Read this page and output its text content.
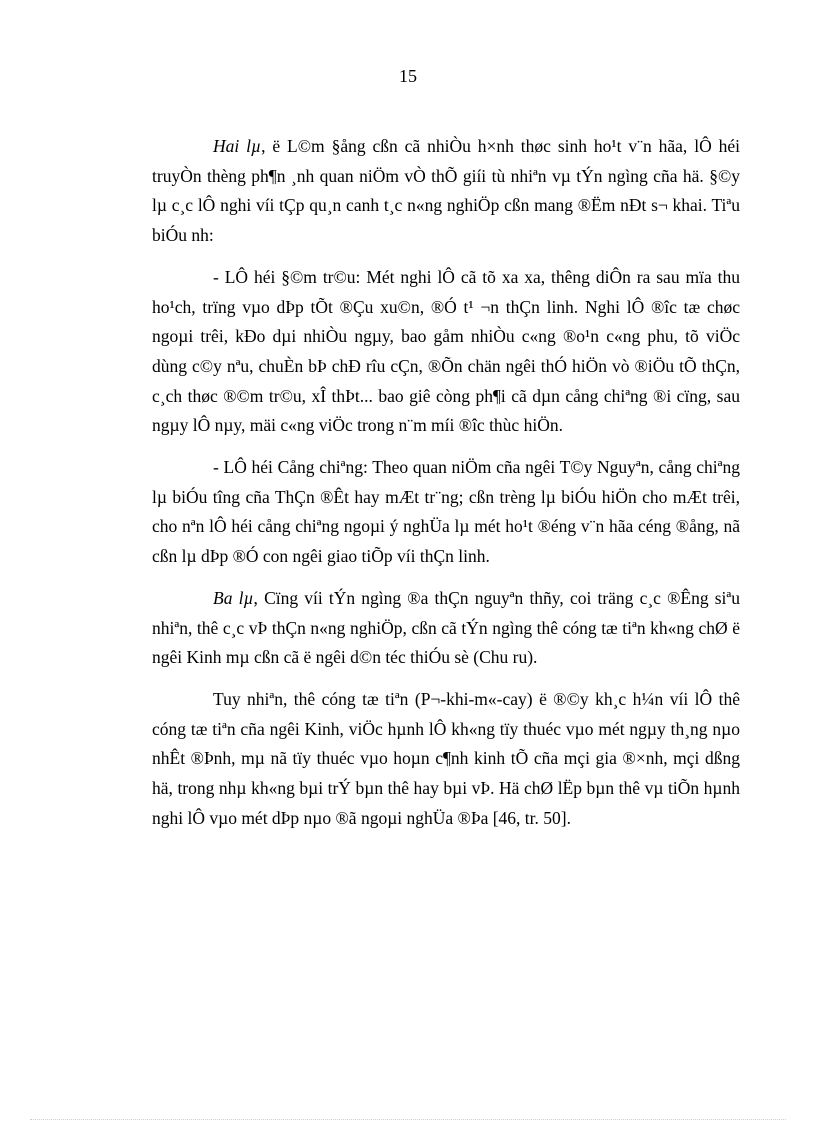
15

Hai lµ, ë L©m §ång cßn cã nhiÒu h×nh thøc sinh ho¹t v¨n hãa, lÔ héi truyÒn thèng ph¶n ¸nh quan niÖm vÒ thÕ giíi tù nhiªn vµ tÝn ngìng cña hä. §©y lµ c¸c lÔ nghi víi tÇp qu¸n canh t¸c n«ng nghiÖp cßn mang ®Ëm nÐt s¬ khai. Tiªu biÓu nh:

- LÔ héi §©m tr©u: Mét nghi lÔ cã tõ xa xa, thêng diÔn ra sau mïa thu ho¹ch, trïng vµo dÞp tÕt ®Çu xu©n, ®Ó t¹ ¬n thÇn linh. Nghi lÔ ®îc tæ chøc ngoµi trêi, kÐo dµi nhiÒu ngµy, bao gåm nhiÒu c«ng ®o¹n c«ng phu, tõ viÖc dùng c©y nªu, chuÈn bÞ chÐ rîu cÇn, ®Õn chän ngêi thÓ hiÖn vò ®iÖu tÕ thÇn, c¸ch thøc ®©m tr©u, xÎ thÞt... bao giê còng ph¶i cã dµn cång chiªng ®i cïng, sau ngµy lÔ nµy, mäi c«ng viÖc trong n¨m míi ®îc thùc hiÖn.

- LÔ héi Cång chiªng: Theo quan niÖm cña ngêi T©y Nguyªn, cång chiªng lµ biÓu tîng cña ThÇn ®Êt hay mÆt tr¨ng; cßn trèng lµ biÓu hiÖn cho mÆt trêi, cho nªn lÔ héi cång chiªng ngoµi ý nghÜa lµ mét ho¹t ®éng v¨n hãa céng ®ång, nã cßn lµ dÞp ®Ó con ngêi giao tiÕp víi thÇn linh.

Ba lµ, Cïng víi tÝn ngìng ®a thÇn nguyªn thñy, coi träng c¸c ®Êng siªu nhiªn, thê c¸c vÞ thÇn n«ng nghiÖp, cßn cã tÝn ngìng thê cóng tæ tiªn kh«ng chØ ë ngêi Kinh mµ cßn cã ë ngêi d©n téc thiÓu sè (Chu ru).

Tuy nhiªn, thê cóng tæ tiªn (P¬-khi-m«-cay) ë ®©y kh¸c h¼n víi lÔ thê cóng tæ tiªn cña ngêi Kinh, viÖc hµnh lÔ kh«ng tïy thuéc vµo mét ngµy th¸ng nµo nhÊt ®Þnh, mµ nã tïy thuéc vµo hoµn c¶nh kinh tÕ cña mçi gia ®×nh, mçi dßng hä, trong nhµ kh«ng bµi trÝ bµn thê hay bµi vÞ. Hä chØ lËp bµn thê vµ tiÕn hµnh nghi lÔ vµo mét dÞp nµo ®ã ngoµi nghÜa ®Þa [46, tr. 50].
